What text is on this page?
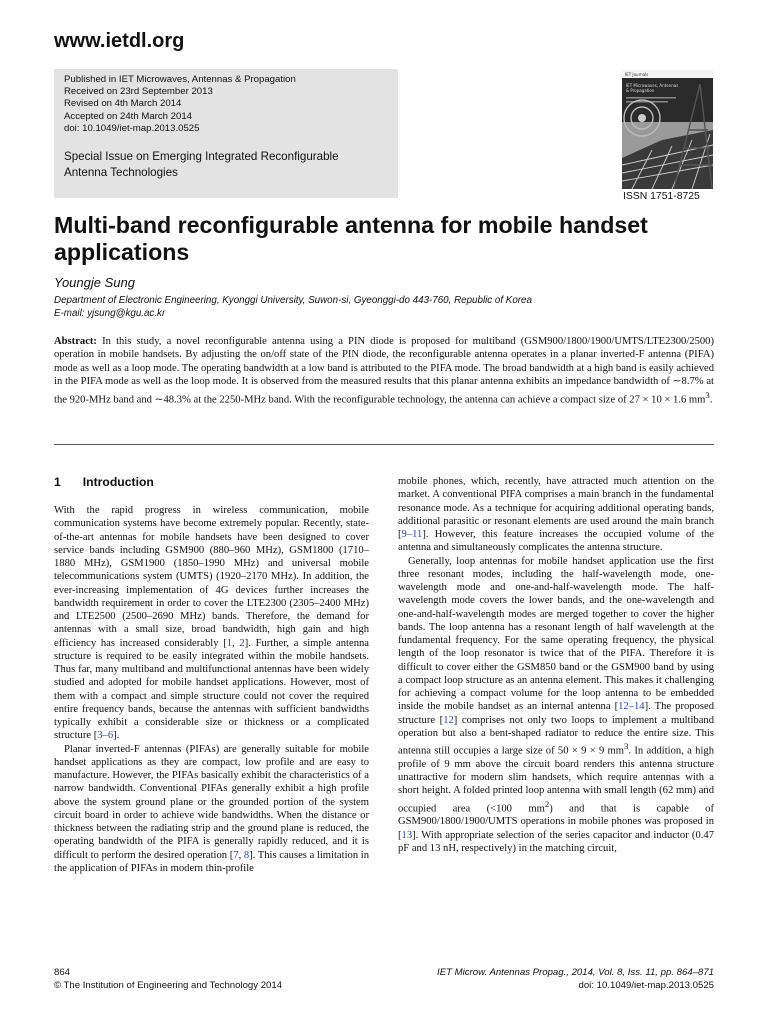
www.ietdl.org
Published in IET Microwaves, Antennas & Propagation
Received on 23rd September 2013
Revised on 4th March 2014
Accepted on 24th March 2014
doi: 10.1049/iet-map.2013.0525
Special Issue on Emerging Integrated Reconfigurable
Antenna Technologies
IET Journals
IET Microwaves, Antennas
& Propagation
ISSN 1751-8725
Multi-band reconfigurable antenna for mobile handset applications
Youngje Sung
Department of Electronic Engineering, Kyonggi University, Suwon-si, Gyeonggi-do 443-760, Republic of Korea
E-mail: yjsung@kgu.ac.kr

Abstract: In this study, a novel reconfigurable antenna using a PIN diode is proposed for multiband (GSM900/1800/1900/UMTS/LTE2300/2500) operation in mobile handsets. By adjusting the on/off state of the PIN diode, the reconfigurable antenna operates in a planar inverted-F antenna (PIFA) mode as well as a loop mode. The operating bandwidth at a low band is attributed to the PIFA mode. The broad bandwidth at a high band is easily achieved in the PIFA mode as well as the loop mode. It is observed from the measured results that this planar antenna exhibits an impedance bandwidth of ∼8.7% at the 920-MHz band and ∼48.3% at the 2250-MHz band. With the reconfigurable technology, the antenna can achieve a compact size of 27 × 10 × 1.6 $mm^3$.

1 Introduction

With the rapid progress in wireless communication, mobile communication systems have become extremely popular. Recently, state-of-the-art antennas for mobile handsets have been designed to cover service bands including GSM900 (880–960 MHz), GSM1800 (1710–1880 MHz), GSM1900 (1850–1990 MHz) and universal mobile telecommunications system (UMTS) (1920–2170 MHz). In addition, the ever-increasing implementation of 4G devices further increases the bandwidth requirement in order to cover the LTE2300 (2305–2400 MHz) and LTE2500 (2500–2690 MHz) bands. Therefore, the demand for antennas with a small size, broad bandwidth, high gain and high efficiency has increased considerably [1, 2]. Further, a simple antenna structure is required to be easily integrated within the mobile handsets. Thus far, many multiband and multifunctional antennas have been widely studied and adopted for mobile handset applications. However, most of them with a compact and simple structure could not cover the required entire frequency bands, because the antennas with sufficient bandwidths typically exhibit a considerable size or thickness or a complicated structure [3–6].

Planar inverted-F antennas (PIFAs) are generally suitable for mobile handset applications as they are compact, low profile and are easy to manufacture. However, the PIFAs basically exhibit the characteristics of a narrow bandwidth. Conventional PIFAs generally exhibit a high profile above the system ground plane or the grounded portion of the system circuit board in order to achieve wide bandwidths. When the distance or thickness between the radiating strip and the ground plane is reduced, the operating bandwidth of the PIFA is generally rapidly reduced, and it is difficult to perform the desired operation [7, 8]. This causes a limitation in the application of PIFAs in modern thin-profile

mobile phones, which, recently, have attracted much attention on the market. A conventional PIFA comprises a main branch in the fundamental resonance mode. As a technique for acquiring additional operating bands, additional parasitic or resonant elements are used around the main branch [9–11]. However, this feature increases the occupied volume of the antenna and simultaneously complicates the antenna structure.

Generally, loop antennas for mobile handset application use the first three resonant modes, including the half-wavelength mode, one-wavelength mode and one-and-half-wavelength mode. The half-wavelength mode covers the lower bands, and the one-wavelength and one-and-half-wavelength modes are merged together to cover the higher bands. The loop antenna has a resonant length of half wavelength at the fundamental frequency. For the same operating frequency, the physical length of the loop resonator is twice that of the PIFA. Therefore it is difficult to cover either the GSM850 band or the GSM900 band by using a compact loop structure as an antenna element. This makes it challenging for achieving a compact volume for the loop antenna to be embedded inside the mobile handset as an internal antenna [12–14]. The proposed structure [12] comprises not only two loops to implement a multiband operation but also a bent-shaped radiator to reduce the entire size. This antenna still occupies a large size of 50 × 9 × 9 $mm^3$. In addition, a high profile of 9 mm above the circuit board renders this antenna structure unattractive for modern slim handsets, which require antennas with a short height. A folded printed loop antenna with small length (62 mm) and occupied area (<100 $mm^2$) and that is capable of GSM900/1800/1900/UMTS operations in mobile phones was proposed in [13]. With appropriate selection of the series capacitor and inductor (0.47 pF and 13 nH, respectively) in the matching circuit,

864
© The Institution of Engineering and Technology 2014
IET Microw. Antennas Propag., 2014, Vol. 8, Iss. 11, pp. 864–871
doi: 10.1049/iet-map.2013.0525
